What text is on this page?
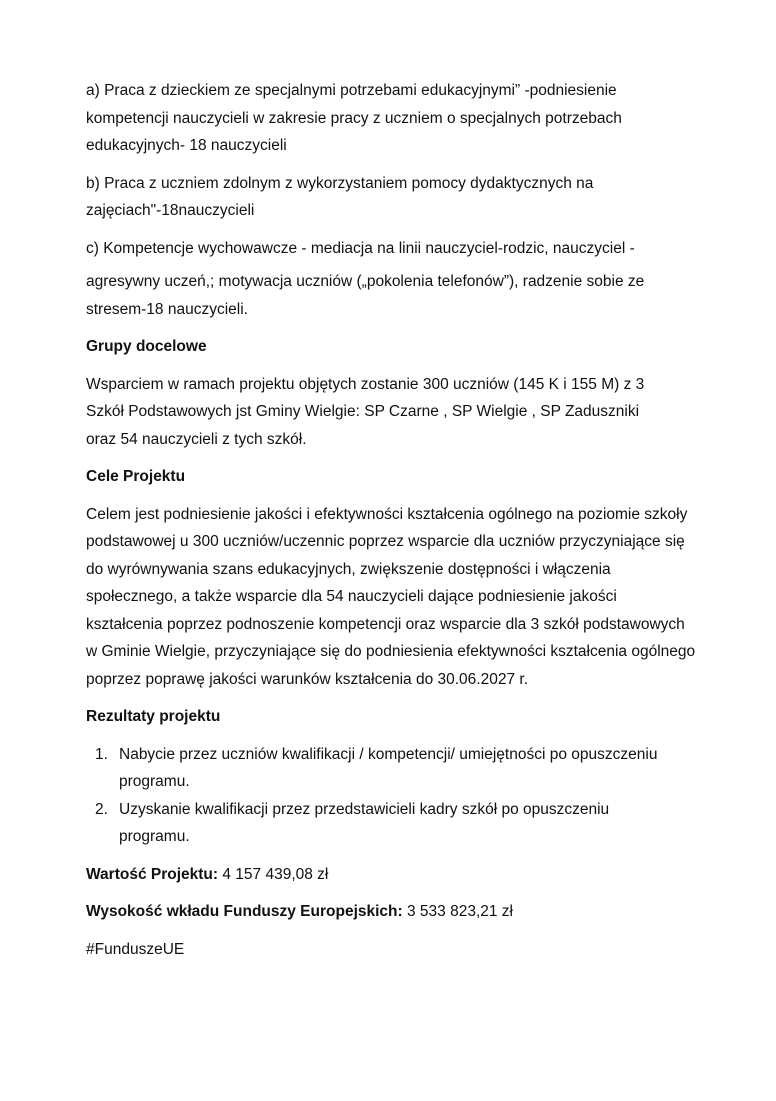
a) Praca z dzieckiem ze specjalnymi potrzebami edukacyjnymi” -podniesienie kompetencji nauczycieli w zakresie pracy z uczniem o specjalnych potrzebach edukacyjnych- 18 nauczycieli

b) Praca z uczniem zdolnym z wykorzystaniem pomocy dydaktycznych na zajęciach"-18nauczycieli

c) Kompetencje wychowawcze - mediacja na linii nauczyciel-rodzic, nauczyciel -

agresywny uczeń,; motywacja uczniów („pokolenia telefonów”), radzenie sobie ze stresem-18 nauczycieli.

Grupy docelowe

Wsparciem w ramach projektu objętych zostanie 300 uczniów (145 K i 155 M) z 3 Szkół Podstawowych jst Gminy Wielgie: SP Czarne , SP Wielgie , SP Zaduszniki oraz 54 nauczycieli z tych szkół.

Cele Projektu

Celem jest podniesienie jakości i efektywności kształcenia ogólnego na poziomie szkoły podstawowej u 300 uczniów/uczennic poprzez wsparcie dla uczniów przyczyniające się do wyrównywania szans edukacyjnych, zwiększenie dostępności i włączenia społecznego, a także wsparcie dla 54 nauczycieli dające podniesienie jakości kształcenia poprzez podnoszenie kompetencji oraz wsparcie dla 3 szkół podstawowych w Gminie Wielgie, przyczyniające się do podniesienia efektywności kształcenia ogólnego poprzez poprawę jakości warunków kształcenia do 30.06.2027 r.

Rezultaty projektu
1. Nabycie przez uczniów kwalifikacji / kompetencji/ umiejętności po opuszczeniu programu.
2. Uzyskanie kwalifikacji przez przedstawicieli kadry szkół po opuszczeniu programu.
Wartość Projektu: 4 157 439,08 zł
Wysokość wkładu Funduszy Europejskich: 3 533 823,21 zł
#FunduszeUE
